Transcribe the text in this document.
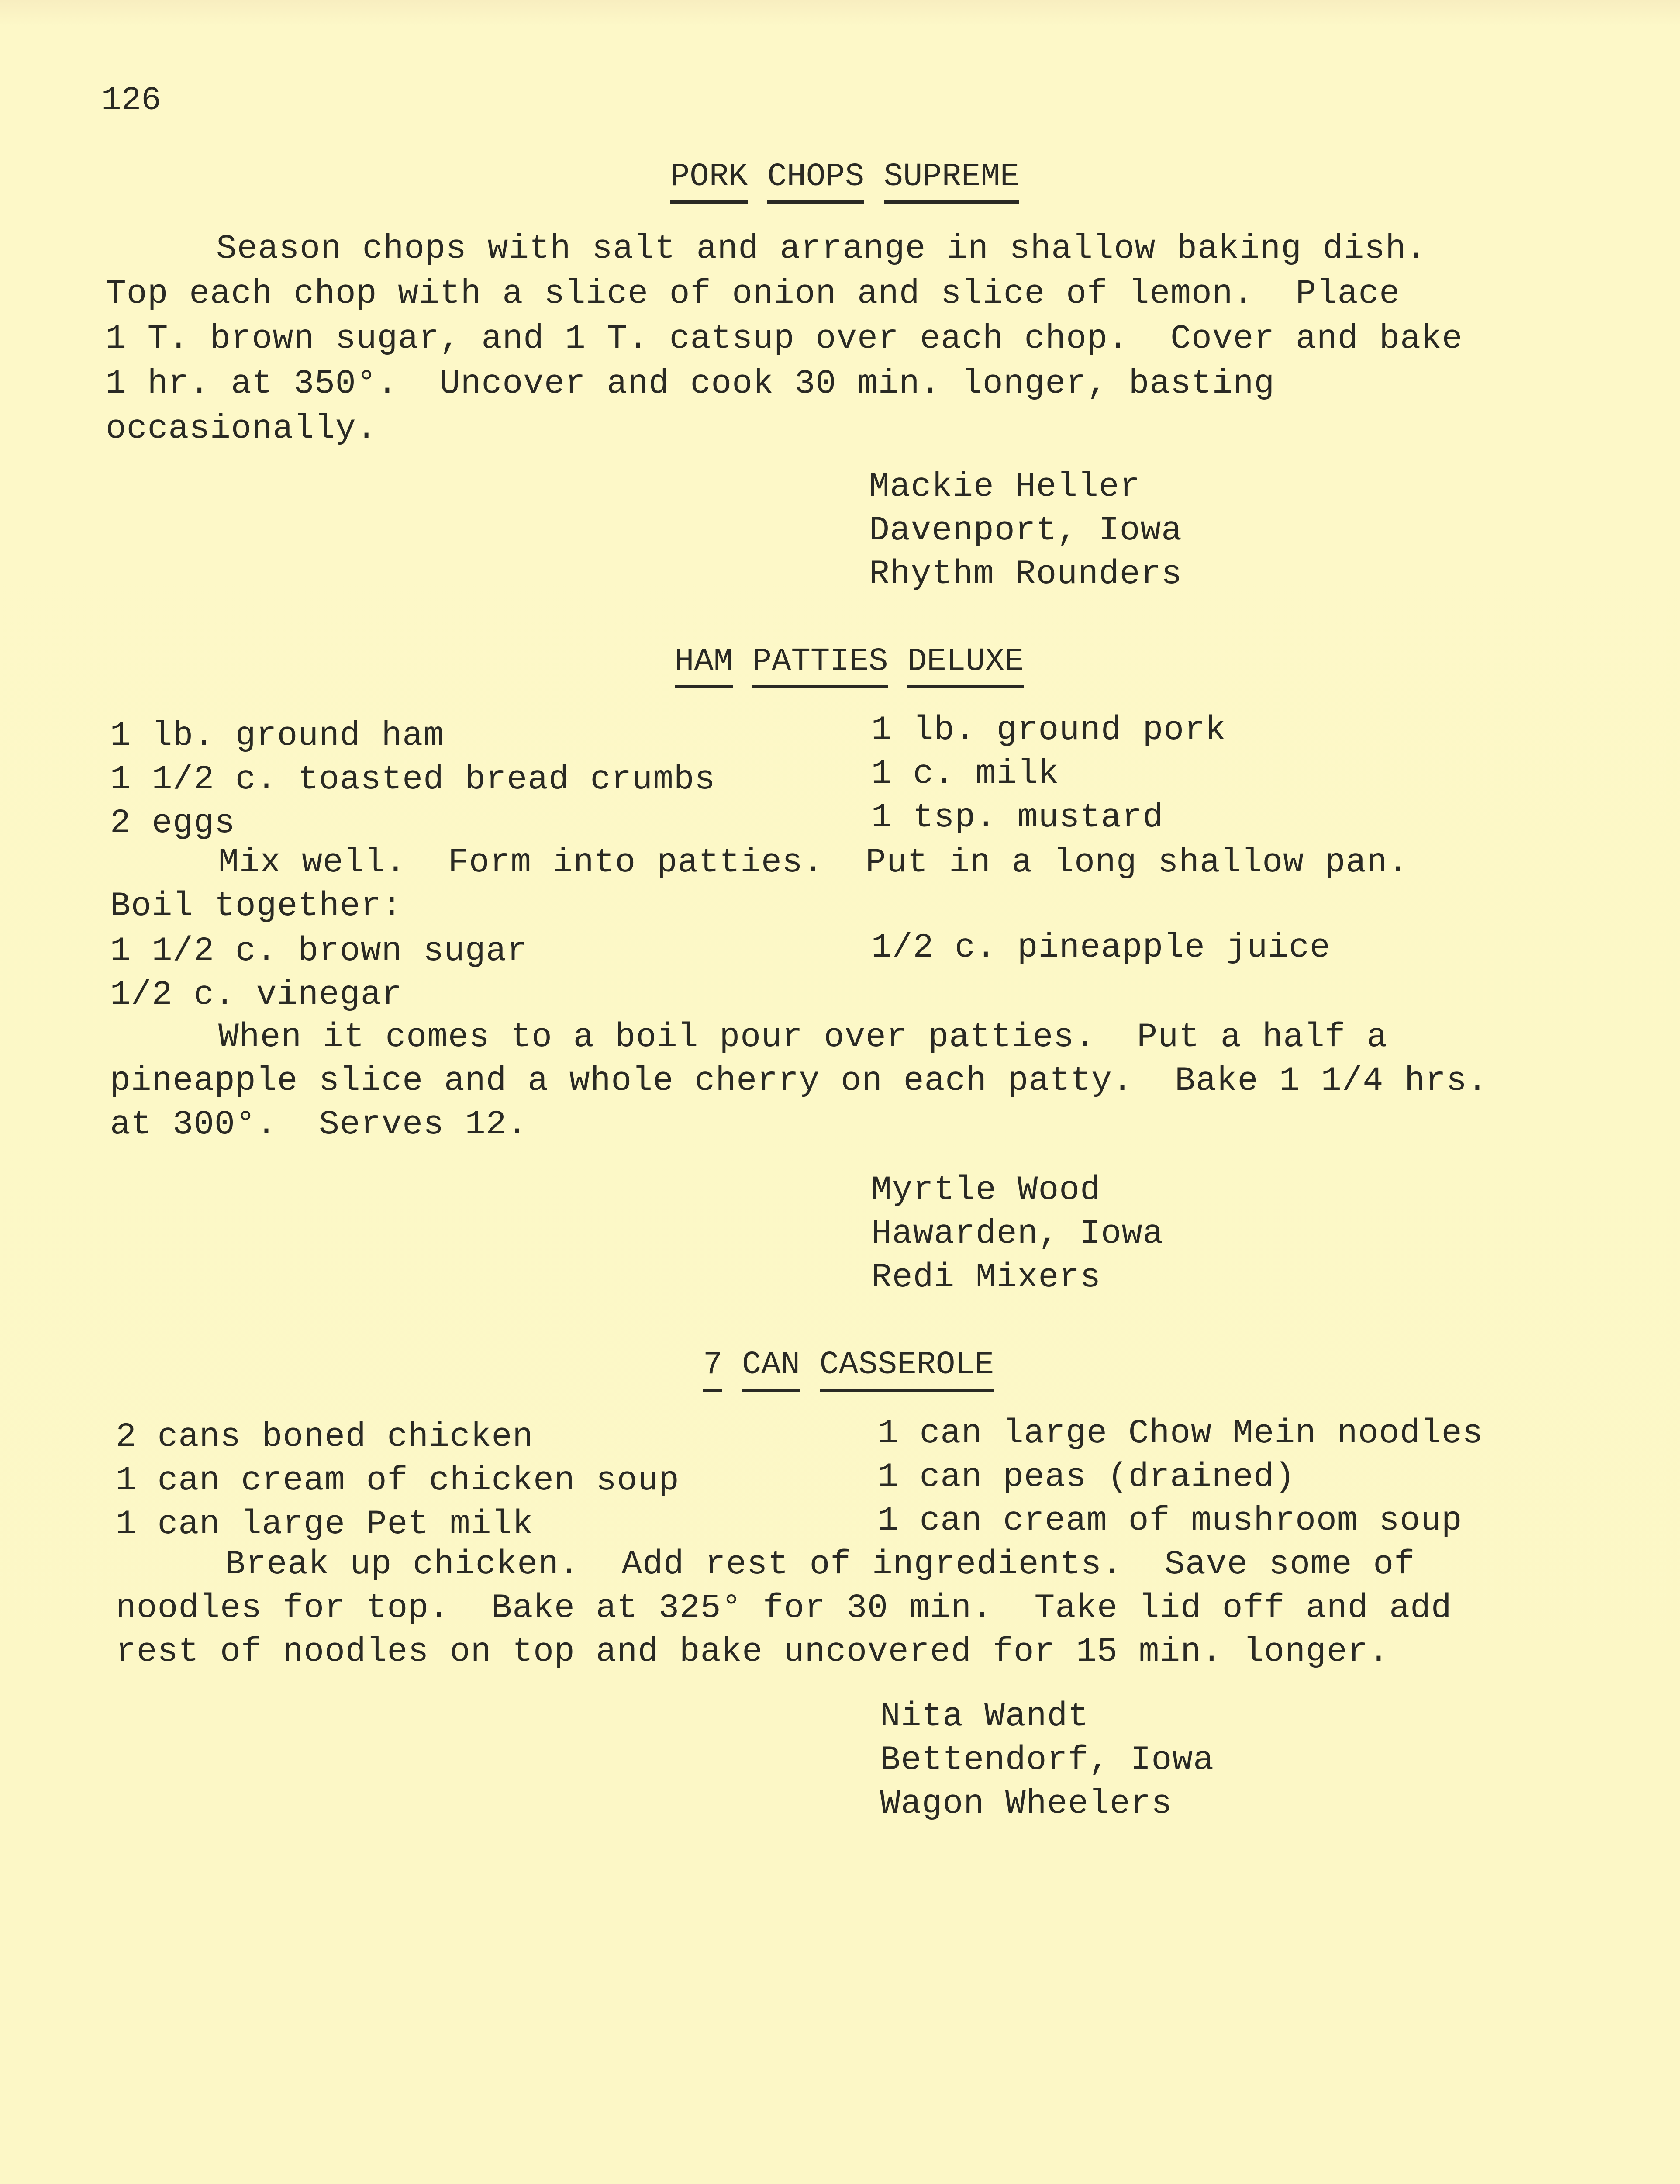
126
PORK CHOPS SUPREME
Season chops with salt and arrange in shallow baking dish.
Top each chop with a slice of onion and slice of lemon.  Place
1 T. brown sugar, and 1 T. catsup over each chop.  Cover and bake
1 hr. at 350°.  Uncover and cook 30 min. longer, basting
occasionally.
Mackie Heller
Davenport, Iowa
Rhythm Rounders
HAM PATTIES DELUXE
1 lb. ground ham
1 1/2 c. toasted bread crumbs
2 eggs
1 lb. ground pork
1 c. milk
1 tsp. mustard
Mix well.  Form into patties.  Put in a long shallow pan.
Boil together:
1 1/2 c. brown sugar
1/2 c. vinegar
1/2 c. pineapple juice
When it comes to a boil pour over patties.  Put a half a
pineapple slice and a whole cherry on each patty.  Bake 1 1/4 hrs.
at 300°.  Serves 12.
Myrtle Wood
Hawarden, Iowa
Redi Mixers
7 CAN CASSEROLE
2 cans boned chicken
1 can cream of chicken soup
1 can large Pet milk
1 can large Chow Mein noodles
1 can peas (drained)
1 can cream of mushroom soup
Break up chicken.  Add rest of ingredients.  Save some of
noodles for top.  Bake at 325° for 30 min.  Take lid off and add
rest of noodles on top and bake uncovered for 15 min. longer.
Nita Wandt
Bettendorf, Iowa
Wagon Wheelers
